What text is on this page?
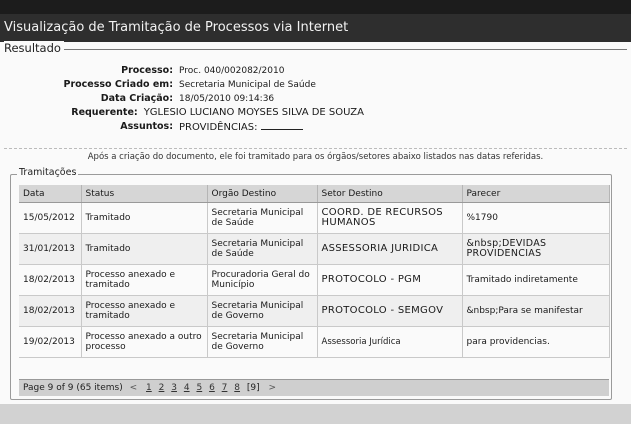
Visualização de Tramitação de Processos via Internet
Resultado
Processo: Proc. 040/002082/2010
Processo Criado em: Secretaria Municipal de Saúde
Data Criação: 18/05/2010 09:14:36
Requerente: YGLESIO LUCIANO MOYSES SILVA DE SOUZA
Assuntos: PROVIDÊNCIAS:
Após a criação do documento, ele foi tramitado para os órgãos/setores abaixo listados nas datas referidas.
Tramitações
Data	Status	Orgão Destino	Setor Destino	Parecer
15/05/2012	Tramitado	Secretaria Municipal de Saúde	COORD. DE RECURSOS HUMANOS	%1790
31/01/2013	Tramitado	Secretaria Municipal de Saúde	ASSESSORIA JURIDICA	&nbsp;DEVIDAS PROVIDENCIAS
18/02/2013	Processo anexado e tramitado	Procuradoria Geral do Município	PROTOCOLO - PGM	Tramitado indiretamente
18/02/2013	Processo anexado e tramitado	Secretaria Municipal de Governo	PROTOCOLO - SEMGOV	&nbsp;Para se manifestar
19/02/2013	Processo anexado a outro processo	Secretaria Municipal de Governo	Assessoria Jurídica	para providencias.
Page 9 of 9 (65 items) < 1 2 3 4 5 6 7 8 [9] >
